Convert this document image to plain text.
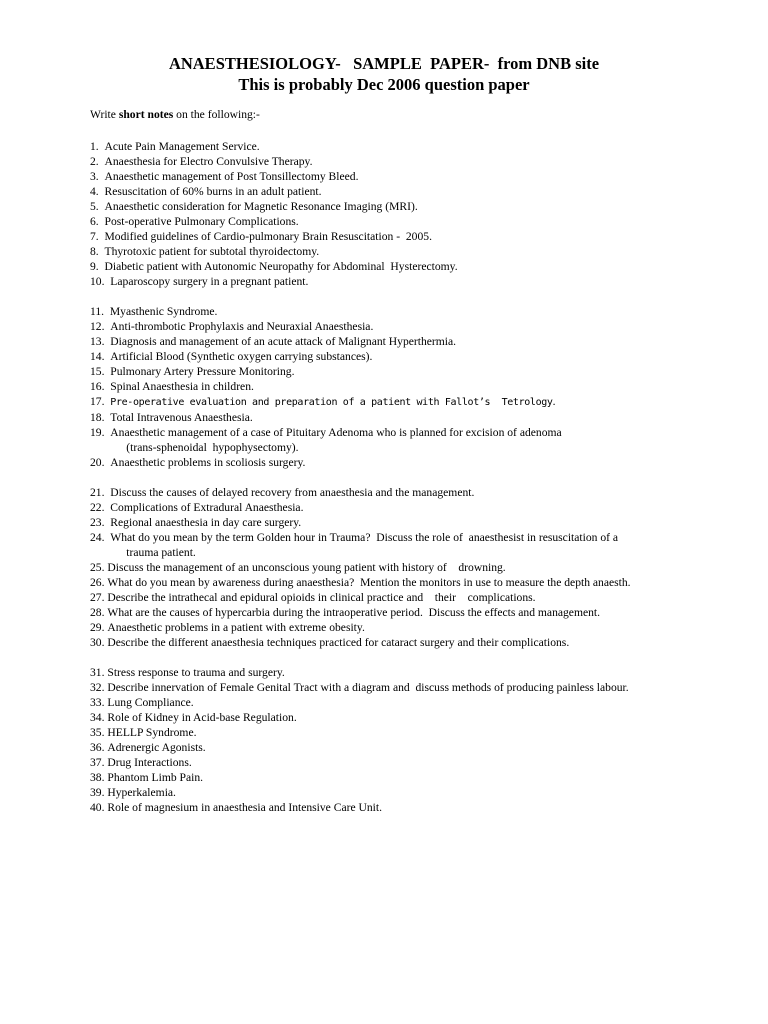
ANAESTHESIOLOGY-   SAMPLE  PAPER-  from DNB site
This is probably Dec 2006 question paper
Write short notes on the following:-
1. Acute Pain Management Service.
2. Anaesthesia for Electro Convulsive Therapy.
3. Anaesthetic management of Post Tonsillectomy Bleed.
4. Resuscitation of 60% burns in an adult patient.
5. Anaesthetic consideration for Magnetic Resonance Imaging (MRI).
6. Post-operative Pulmonary Complications.
7. Modified guidelines of Cardio-pulmonary Brain Resuscitation -  2005.
8. Thyrotoxic patient for subtotal thyroidectomy.
9. Diabetic patient with Autonomic Neuropathy for Abdominal  Hysterectomy.
10. Laparoscopy surgery in a pregnant patient.
11. Myasthenic Syndrome.
12. Anti-thrombotic Prophylaxis and Neuraxial Anaesthesia.
13. Diagnosis and management of an acute attack of Malignant Hyperthermia.
14. Artificial Blood (Synthetic oxygen carrying substances).
15. Pulmonary Artery Pressure Monitoring.
16. Spinal Anaesthesia in children.
17. Pre-operative evaluation and preparation of a patient with Fallot’s  Tetrology.
18. Total Intravenous Anaesthesia.
19. Anaesthetic management of a case of Pituitary Adenoma who is planned for excision of adenoma
(trans-sphenoidal  hypophysectomy).
20. Anaesthetic problems in scoliosis surgery.
21. Discuss the causes of delayed recovery from anaesthesia and the management.
22. Complications of Extradural Anaesthesia.
23. Regional anaesthesia in day care surgery.
24. What do you mean by the term Golden hour in Trauma?  Discuss the role of  anaesthesist in resuscitation of a
trauma patient.
25. Discuss the management of an unconscious young patient with history of    drowning.
26. What do you mean by awareness during anaesthesia?  Mention the monitors in use to measure the depth anaesth.
27. Describe the intrathecal and epidural opioids in clinical practice and    their    complications.
28. What are the causes of hypercarbia during the intraoperative period.  Discuss the effects and management.
29. Anaesthetic problems in a patient with extreme obesity.
30. Describe the different anaesthesia techniques practiced for cataract surgery and their complications.
31. Stress response to trauma and surgery.
32. Describe innervation of Female Genital Tract with a diagram and  discuss methods of producing painless labour.
33. Lung Compliance.
34. Role of Kidney in Acid-base Regulation.
35. HELLP Syndrome.
36. Adrenergic Agonists.
37. Drug Interactions.
38. Phantom Limb Pain.
39. Hyperkalemia.
40. Role of magnesium in anaesthesia and Intensive Care Unit.
